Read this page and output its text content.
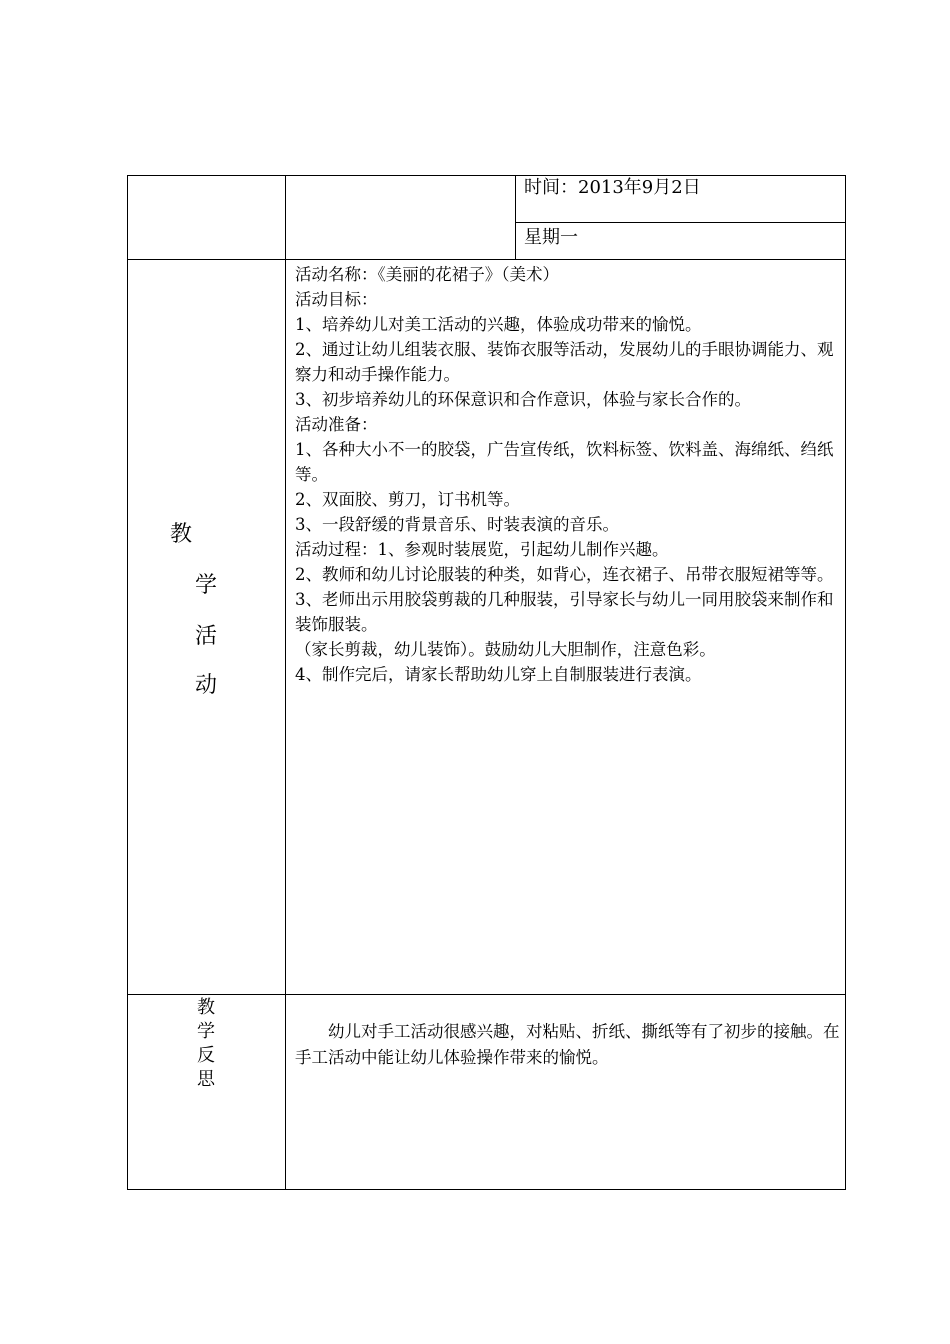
时间：2013年9月2日
星期一
教
学
活
动
活动名称：《美丽的花裙子》（美术）
活动目标：
1、培养幼儿对美工活动的兴趣，体验成功带来的愉悦。
2、通过让幼儿组装衣服、装饰衣服等活动，发展幼儿的手眼协调能力、观察力和动手操作能力。
3、初步培养幼儿的环保意识和合作意识，体验与家长合作的。
活动准备：
1、各种大小不一的胶袋，广告宣传纸，饮料标签、饮料盖、海绵纸、绉纸等。
2、双面胶、剪刀，订书机等。
3、一段舒缓的背景音乐、时装表演的音乐。
活动过程：1、参观时装展览，引起幼儿制作兴趣。
2、教师和幼儿讨论服装的种类，如背心，连衣裙子、吊带衣服短裙等等。
3、老师出示用胶袋剪裁的几种服装，引导家长与幼儿一同用胶袋来制作和装饰服装。
（家长剪裁，幼儿装饰）。鼓励幼儿大胆制作，注意色彩。
4、制作完后，请家长帮助幼儿穿上自制服装进行表演。
教
学
反
思
幼儿对手工活动很感兴趣，对粘贴、折纸、撕纸等有了初步的接触。在手工活动中能让幼儿体验操作带来的愉悦。
